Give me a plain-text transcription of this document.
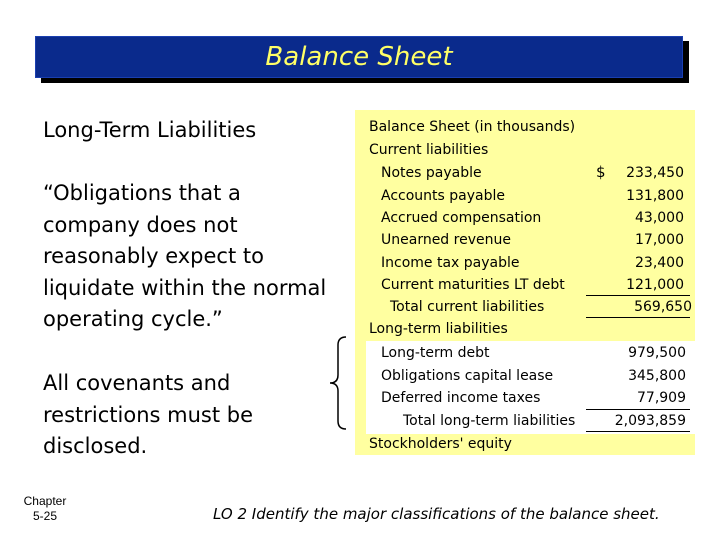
Balance Sheet
Long-Term Liabilities
“Obligations that a company does not reasonably expect to liquidate within the normal operating cycle.”
All covenants and restrictions must be disclosed.
Balance Sheet (in thousands)
Current liabilities
$
Notes payable	233,450
Accounts payable	131,800
Accrued compensation	43,000
Unearned revenue	17,000
Income tax payable	23,400
Current maturities LT debt	121,000
Total current liabilities	569,650
Long-term liabilities
Long-term debt	979,500
Obligations capital lease	345,800
Deferred income taxes	77,909
Total long-term liabilities	2,093,859
Stockholders' equity
Chapter
5-25	LO 2 Identify the major classifications of the balance sheet.
